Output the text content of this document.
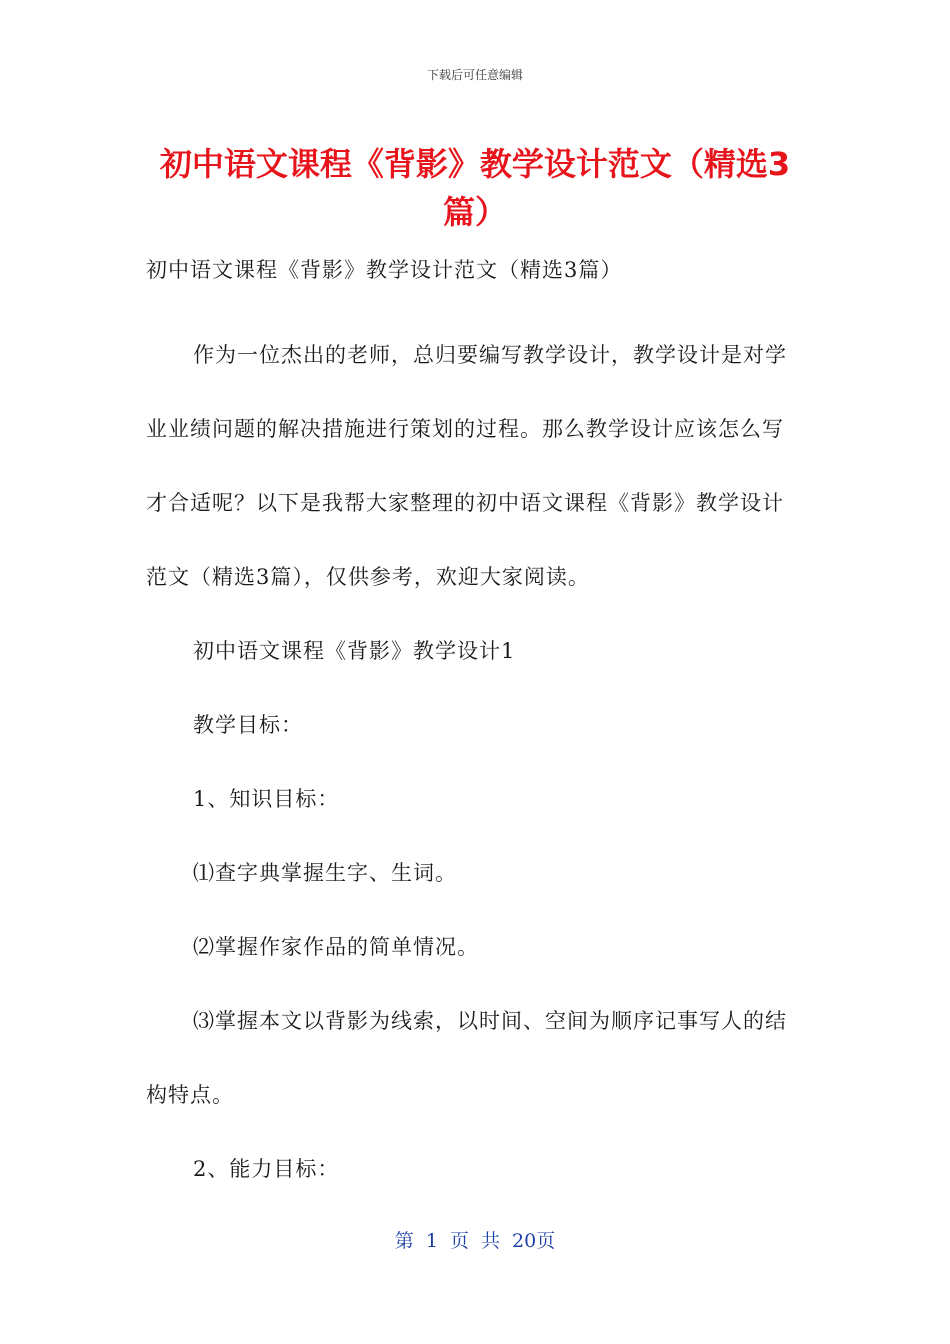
下载后可任意编辑
初中语文课程《背影》教学设计范文（精选3篇）

初中语文课程《背影》教学设计范文（精选3篇）

作为一位杰出的老师，总归要编写教学设计，教学设计是对学业业绩问题的解决措施进行策划的过程。那么教学设计应该怎么写才合适呢？以下是我帮大家整理的初中语文课程《背影》教学设计范文（精选3篇），仅供参考，欢迎大家阅读。

初中语文课程《背影》教学设计1

教学目标：

1、知识目标：

⑴查字典掌握生字、生词。

⑵掌握作家作品的简单情况。

⑶掌握本文以背影为线索，以时间、空间为顺序记事写人的结构特点。

2、能力目标：

第 1 页 共 20页
